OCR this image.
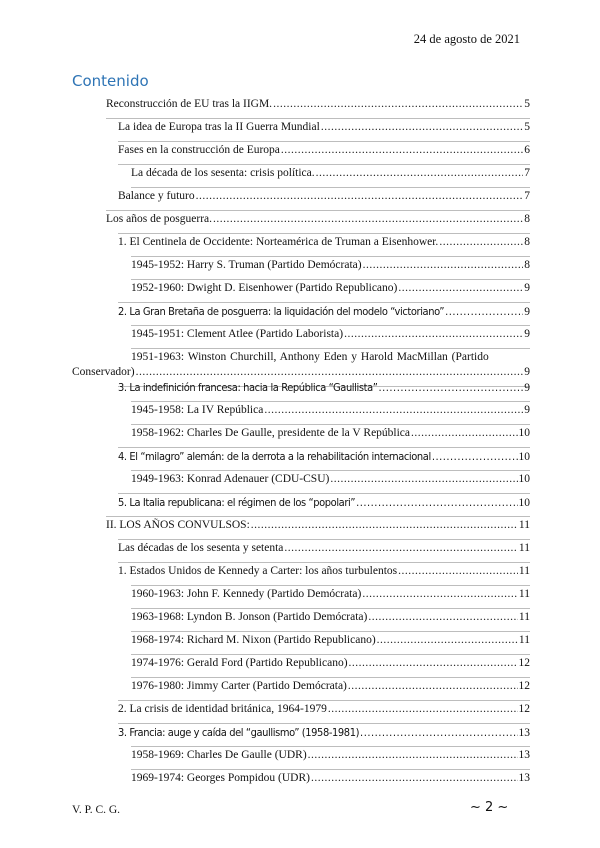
24 de agosto de 2021
Contenido
Reconstrucción de EU tras la IIGM. .....	5
La idea de Europa tras la II Guerra Mundial .....	5
Fases en la construcción de Europa .....	6
La década de los sesenta: crisis política. .....	7
Balance y futuro .....	7
Los años de posguerra. .....	8
1. El Centinela de Occidente: Norteamérica de Truman a Eisenhower. .....	8
1945-1952: Harry S. Truman (Partido Demócrata) .....	8
1952-1960: Dwight D. Eisenhower (Partido Republicano) .....	9
2. La Gran Bretaña de posguerra: la liquidación del modelo “victoriano” .....	9
1945-1951: Clement Atlee (Partido Laborista) .....	9
1951-1963: Winston Churchill, Anthony Eden y Harold MacMillan (Partido
Conservador) .....	9
3. La indefinición francesa: hacia la República “Gaullista” .....	9
1945-1958: La IV República .....	9
1958-1962: Charles De Gaulle, presidente de la V República .....	10
4. El “milagro” alemán: de la derrota a la rehabilitación internacional .....	10
1949-1963: Konrad Adenauer (CDU-CSU) .....	10
5. La Italia republicana: el régimen de los “popolari” .....	10
II. LOS AÑOS CONVULSOS: .....	11
Las décadas de los sesenta y setenta .....	11
1. Estados Unidos de Kennedy a Carter: los años turbulentos .....	11
1960-1963: John F. Kennedy (Partido Demócrata) .....	11
1963-1968: Lyndon B. Jonson (Partido Demócrata) .....	11
1968-1974: Richard M. Nixon (Partido Republicano) .....	11
1974-1976: Gerald Ford (Partido Republicano) .....	12
1976-1980: Jimmy Carter (Partido Demócrata) .....	12
2. La crisis de identidad británica, 1964-1979 .....	12
3. Francia: auge y caída del “gaullismo” (1958-1981) .....	13
1958-1969: Charles De Gaulle (UDR) .....	13
1969-1974: Georges Pompidou (UDR) .....	13
V. P. C. G.	~ 2 ~
